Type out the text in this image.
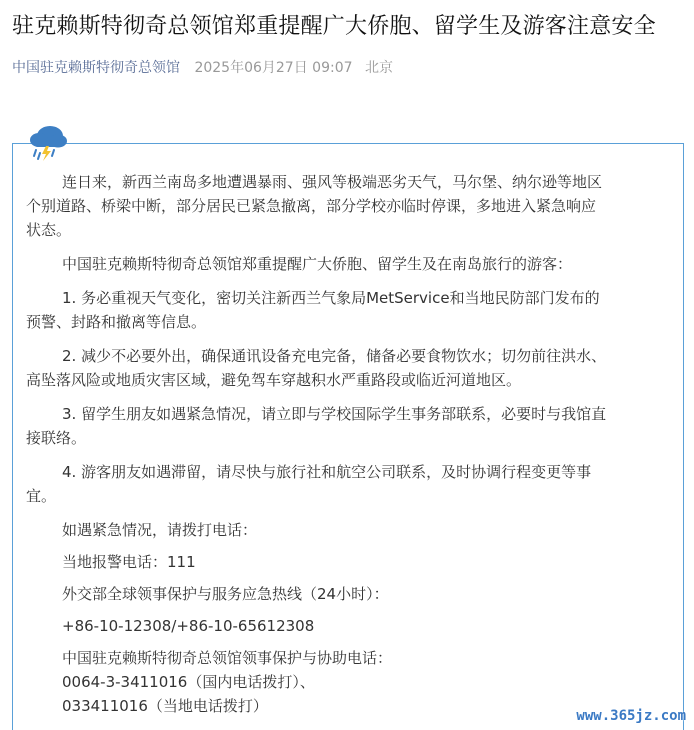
驻克赖斯特彻奇总领馆郑重提醒广大侨胞、留学生及游客注意安全
中国驻克赖斯特彻奇总领馆 2025年06月27日 09:07 北京
连日来，新西兰南岛多地遭遇暴雨、强风等极端恶劣天气，马尔堡、纳尔逊等地区
个别道路、桥梁中断，部分居民已紧急撤离，部分学校亦临时停课，多地进入紧急响应
状态。
中国驻克赖斯特彻奇总领馆郑重提醒广大侨胞、留学生及在南岛旅行的游客：
1. 务必重视天气变化，密切关注新西兰气象局MetService和当地民防部门发布的
预警、封路和撤离等信息。
2. 减少不必要外出，确保通讯设备充电完备，储备必要食物饮水；切勿前往洪水、
高坠落风险或地质灾害区域，避免驾车穿越积水严重路段或临近河道地区。
3. 留学生朋友如遇紧急情况，请立即与学校国际学生事务部联系，必要时与我馆直
接联络。
4. 游客朋友如遇滞留，请尽快与旅行社和航空公司联系，及时协调行程变更等事
宜。
如遇紧急情况，请拨打电话：
当地报警电话：111
外交部全球领事保护与服务应急热线（24小时）：
+86-10-12308/+86-10-65612308
中国驻克赖斯特彻奇总领馆领事保护与协助电话：
0064-3-3411016（国内电话拨打）、
033411016（当地电话拨打）
www.365jz.com
